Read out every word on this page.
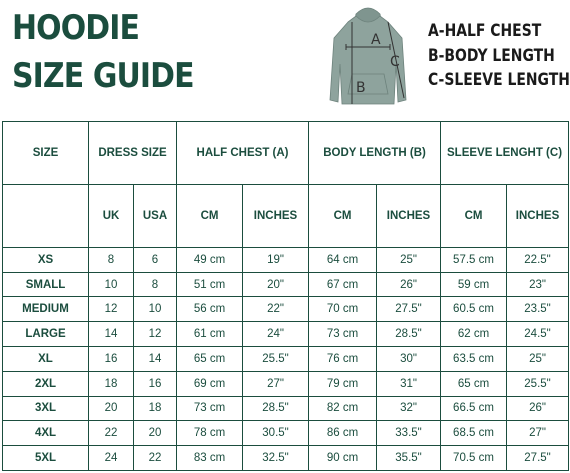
HOODIE
SIZE GUIDE
A
B
C
A-HALF CHEST
B-BODY LENGTH
C-SLEEVE LENGTH
SIZE	DRESS SIZE		HALF CHEST (A)		BODY LENGTH (B)		SLEEVE LENGHT (C)	
	UK	USA	CM	INCHES	CM	INCHES	CM	INCHES
XS	8	6	49 cm	19"	64 cm	25"	57.5 cm	22.5"
SMALL	10	8	51 cm	20"	67 cm	26"	59 cm	23"
MEDIUM	12	10	56 cm	22"	70 cm	27.5"	60.5 cm	23.5"
LARGE	14	12	61 cm	24"	73 cm	28.5"	62 cm	24.5"
XL	16	14	65 cm	25.5"	76 cm	30"	63.5 cm	25"
2XL	18	16	69 cm	27"	79 cm	31"	65 cm	25.5"
3XL	20	18	73 cm	28.5"	82 cm	32"	66.5 cm	26"
4XL	22	20	78 cm	30.5"	86 cm	33.5"	68.5 cm	27"
5XL	24	22	83 cm	32.5"	90 cm	35.5"	70.5 cm	27.5"
